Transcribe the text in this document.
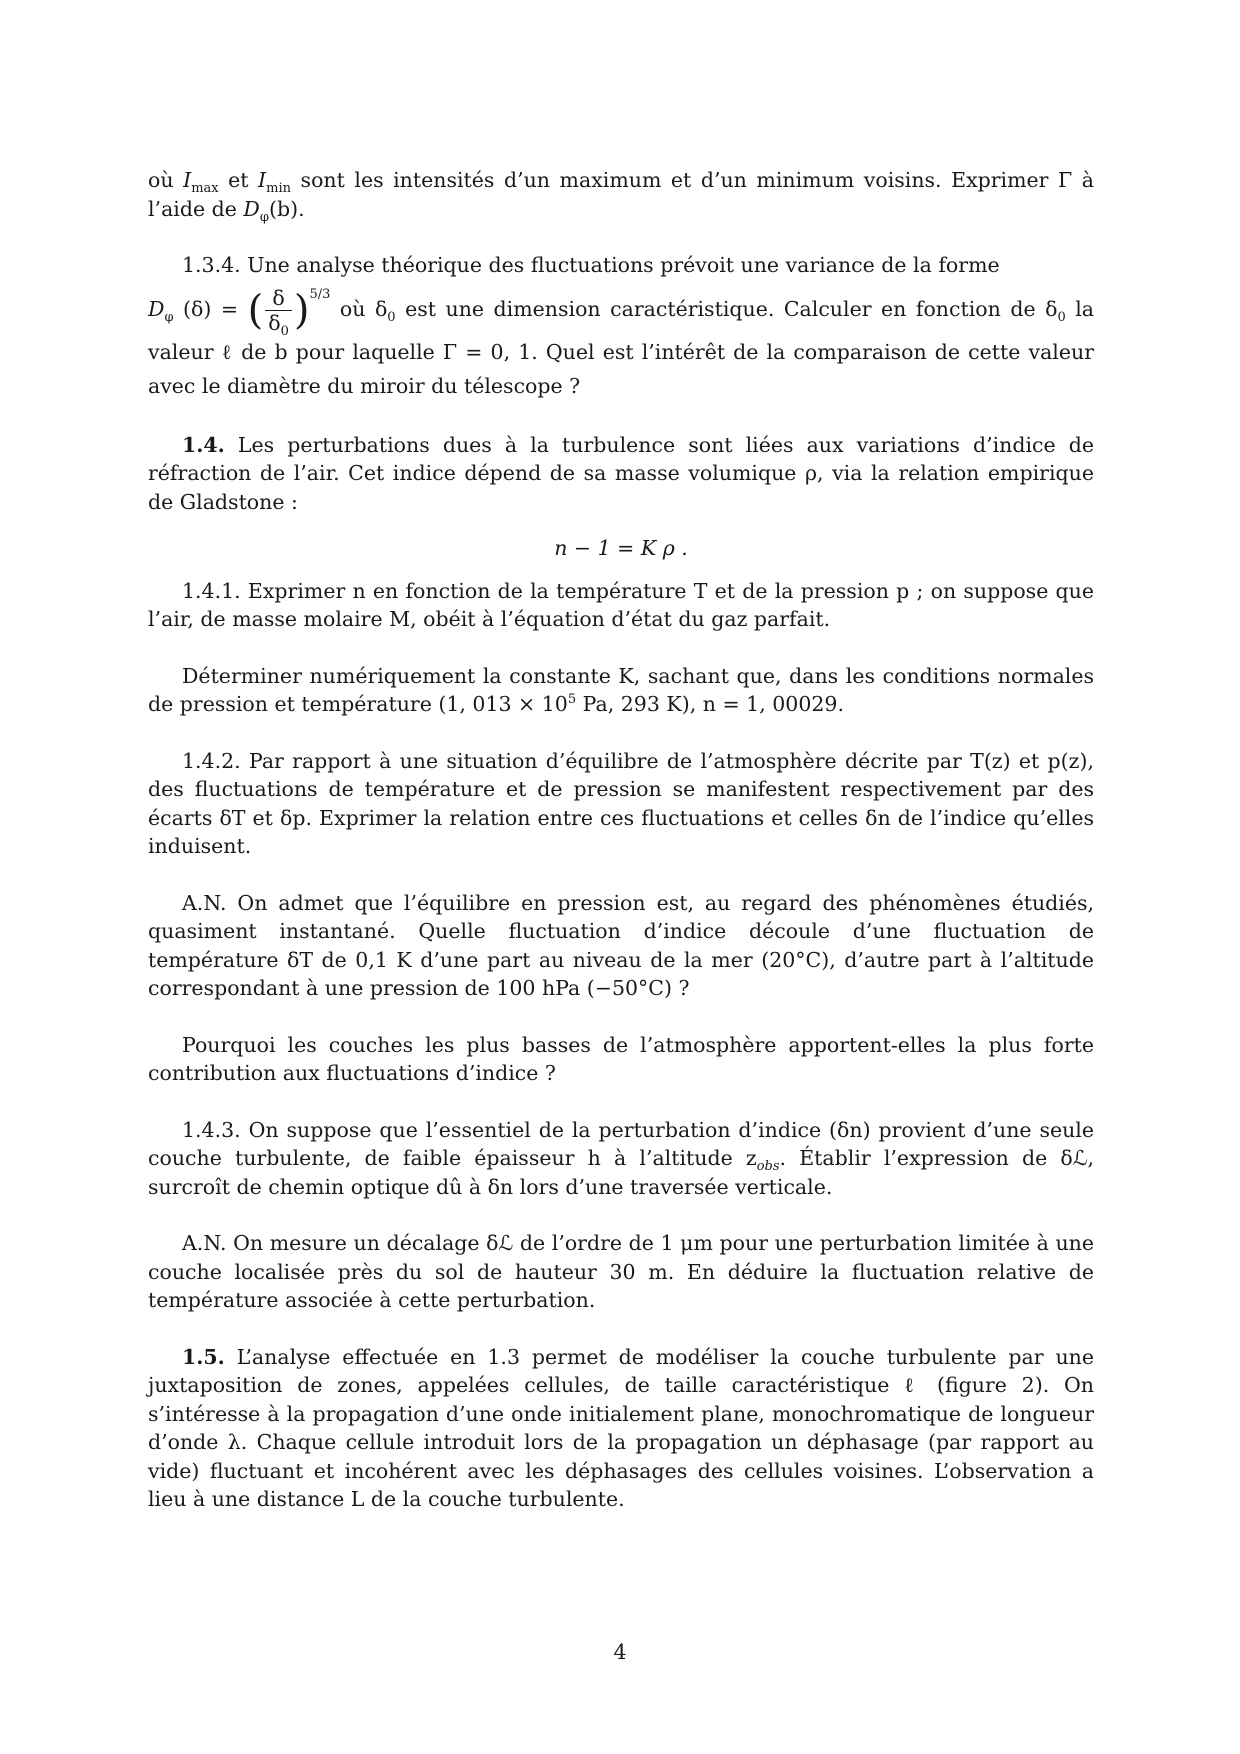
où $I_{max}$ et $I_{min}$ sont les intensités d’un maximum et d’un minimum voisins. Exprimer Γ à l’aide de $D_\varphi(b)$.

1.3.4. Une analyse théorique des fluctuations prévoit une variance de la forme

$D_\varphi$ (δ) = ( $\frac{\delta}{\delta_0} )^{5/3}$ où $\delta_0$ est une dimension caractéristique. Calculer en fonction de $\delta_0$ la valeur ℓ de b pour laquelle Γ = 0, 1. Quel est l’intérêt de la comparaison de cette valeur avec le diamètre du miroir du télescope ?

1.4. Les perturbations dues à la turbulence sont liées aux variations d’indice de réfraction de l’air. Cet indice dépend de sa masse volumique ρ, via la relation empirique de Gladstone :

n − 1 = K ρ .

1.4.1. Exprimer n en fonction de la température T et de la pression p ; on suppose que l’air, de masse molaire M, obéit à l’équation d’état du gaz parfait.

Déterminer numériquement la constante K, sachant que, dans les conditions normales de pression et température (1, $013 \times 10^5$ Pa, 293 K), n = 1, 00029.

1.4.2. Par rapport à une situation d’équilibre de l’atmosphère décrite par T(z) et p(z), des fluctuations de température et de pression se manifestent respectivement par des écarts δT et δp. Exprimer la relation entre ces fluctuations et celles δn de l’indice qu’elles induisent.

A.N. On admet que l’équilibre en pression est, au regard des phénomènes étudiés, quasiment instantané. Quelle fluctuation d’indice découle d’une fluctuation de température δT de 0,1 K d’une part au niveau de la mer (20°C), d’autre part à l’altitude correspondant à une pression de 100 hPa (−50°C) ?

Pourquoi les couches les plus basses de l’atmosphère apportent-elles la plus forte contribution aux fluctuations d’indice ?

1.4.3. On suppose que l’essentiel de la perturbation d’indice (δn) provient d’une seule couche turbulente, de faible épaisseur h à l’altitude $z_{obs}$. Établir l’expression de δℒ, surcroît de chemin optique dû à δn lors d’une traversée verticale.

A.N. On mesure un décalage δℒ de l’ordre de 1 μm pour une perturbation limitée à une couche localisée près du sol de hauteur 30 m. En déduire la fluctuation relative de température associée à cette perturbation.

1.5. L’analyse effectuée en 1.3 permet de modéliser la couche turbulente par une juxtaposition de zones, appelées cellules, de taille caractéristique ℓ (figure 2). On s’intéresse à la propagation d’une onde initialement plane, monochromatique de longueur d’onde λ. Chaque cellule introduit lors de la propagation un déphasage (par rapport au vide) fluctuant et incohérent avec les déphasages des cellules voisines. L’observation a lieu à une distance L de la couche turbulente.

4
